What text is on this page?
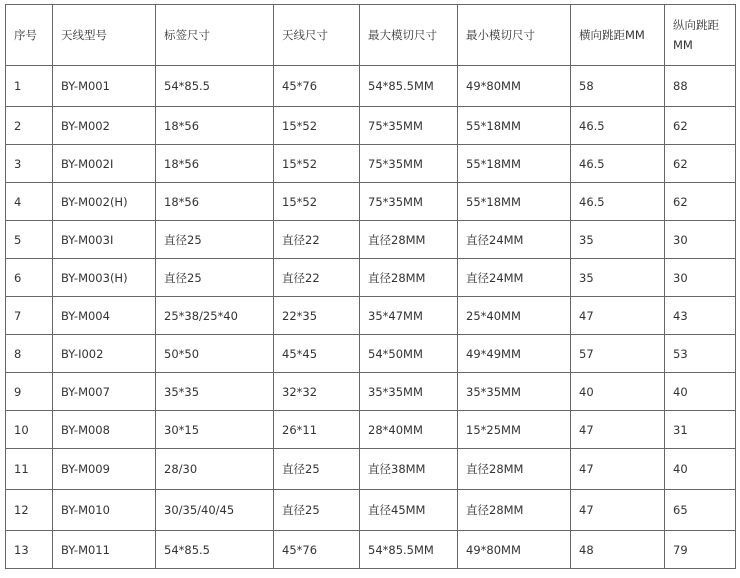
序号	天线型号	标签尺寸	天线尺寸	最大模切尺寸	最小模切尺寸	横向跳距MM	纵向跳距MM
1	BY-M001	54*85.5	45*76	54*85.5MM	49*80MM	58	88
2	BY-M002	18*56	15*52	75*35MM	55*18MM	46.5	62
3	BY-M002I	18*56	15*52	75*35MM	55*18MM	46.5	62
4	BY-M002(H)	18*56	15*52	75*35MM	55*18MM	46.5	62
5	BY-M003I	直径25	直径22	直径28MM	直径24MM	35	30
6	BY-M003(H)	直径25	直径22	直径28MM	直径24MM	35	30
7	BY-M004	25*38/25*40	22*35	35*47MM	25*40MM	47	43
8	BY-I002	50*50	45*45	54*50MM	49*49MM	57	53
9	BY-M007	35*35	32*32	35*35MM	35*35MM	40	40
10	BY-M008	30*15	26*11	28*40MM	15*25MM	47	31
11	BY-M009	28/30	直径25	直径38MM	直径28MM	47	40
12	BY-M010	30/35/40/45	直径25	直径45MM	直径28MM	47	65
13	BY-M011	54*85.5	45*76	54*85.5MM	49*80MM	48	79
